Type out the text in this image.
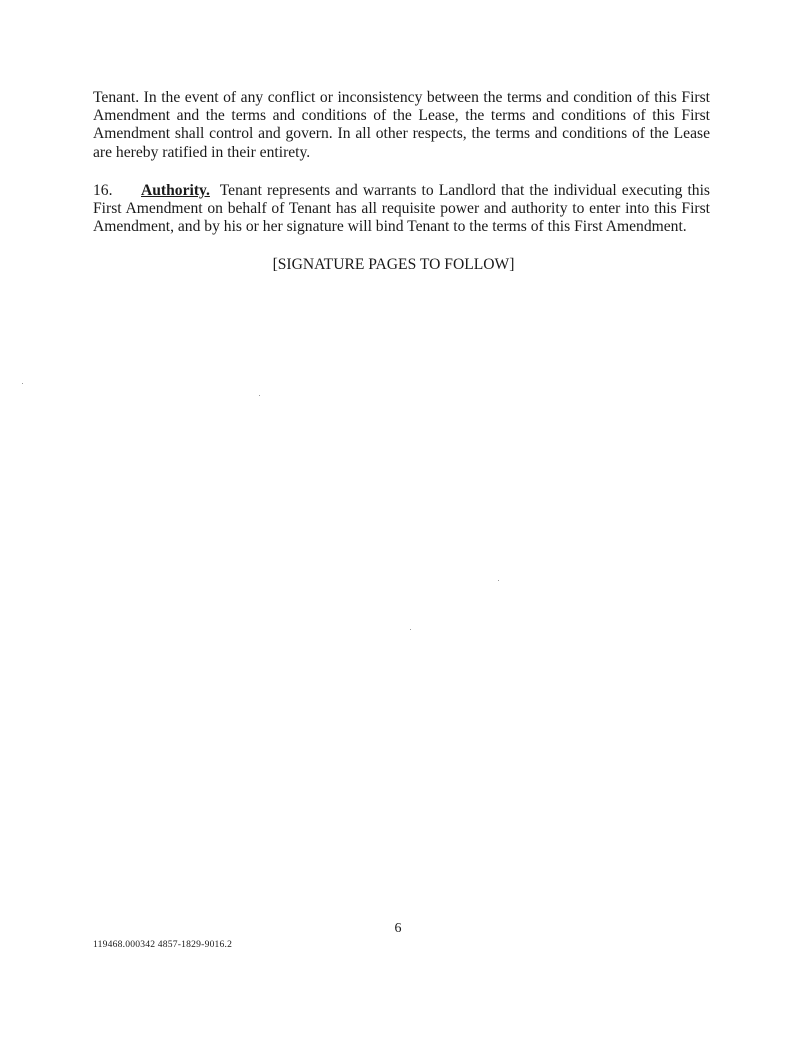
Tenant. In the event of any conflict or inconsistency between the terms and condition of this First Amendment and the terms and conditions of the Lease, the terms and conditions of this First Amendment shall control and govern. In all other respects, the terms and conditions of the Lease are hereby ratified in their entirety.

16. Authority. Tenant represents and warrants to Landlord that the individual executing this First Amendment on behalf of Tenant has all requisite power and authority to enter into this First Amendment, and by his or her signature will bind Tenant to the terms of this First Amendment.

[SIGNATURE PAGES TO FOLLOW]

6

119468.000342 4857-1829-9016.2
